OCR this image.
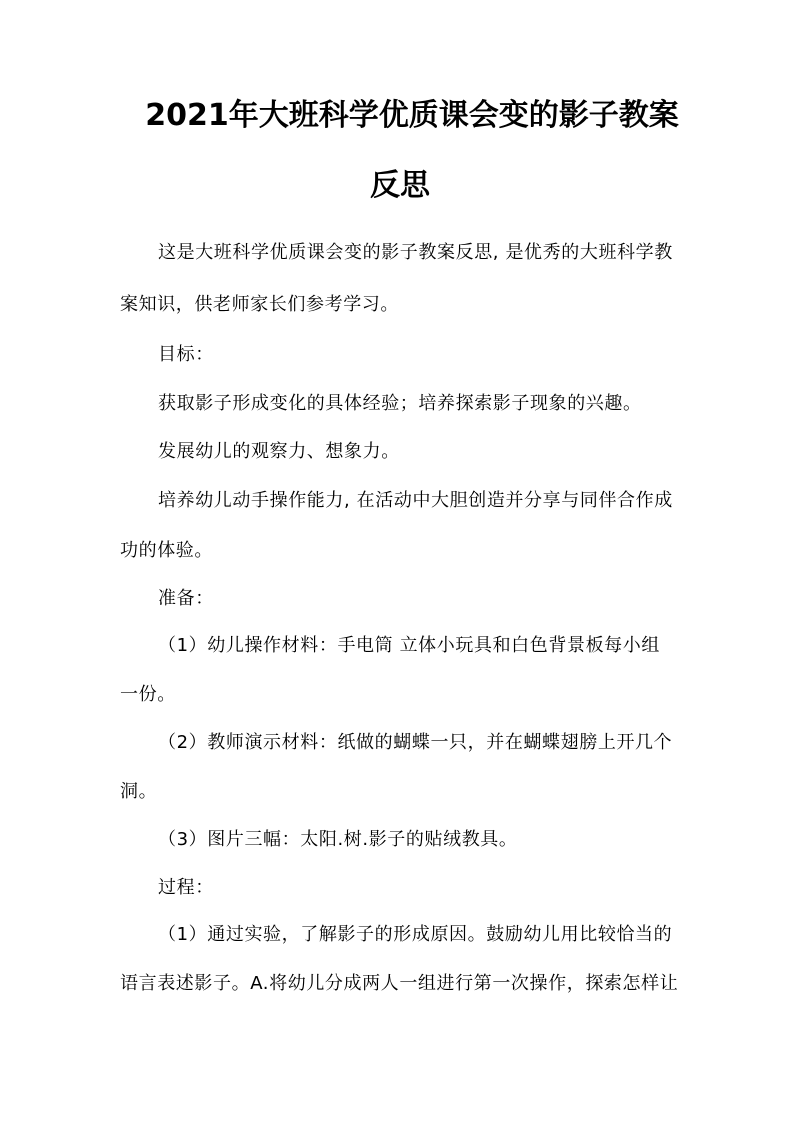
2021年大班科学优质课会变的影子教案
反思
这是大班科学优质课会变的影子教案反思, 是优秀的大班科学教
案知识，供老师家长们参考学习。
目标：
获取影子形成变化的具体经验；培养探索影子现象的兴趣。
发展幼儿的观察力、想象力。
培养幼儿动手操作能力, 在活动中大胆创造并分享与同伴合作成
功的体验。
准备：
（1）幼儿操作材料：手电筒 立体小玩具和白色背景板每小组
一份。
（2）教师演示材料：纸做的蝴蝶一只，并在蝴蝶翅膀上开几个
洞。
（3）图片三幅：太阳.树.影子的贴绒教具。
过程：
（1）通过实验，了解影子的形成原因。鼓励幼儿用比较恰当的
语言表述影子。A.将幼儿分成两人一组进行第一次操作，探索怎样让
